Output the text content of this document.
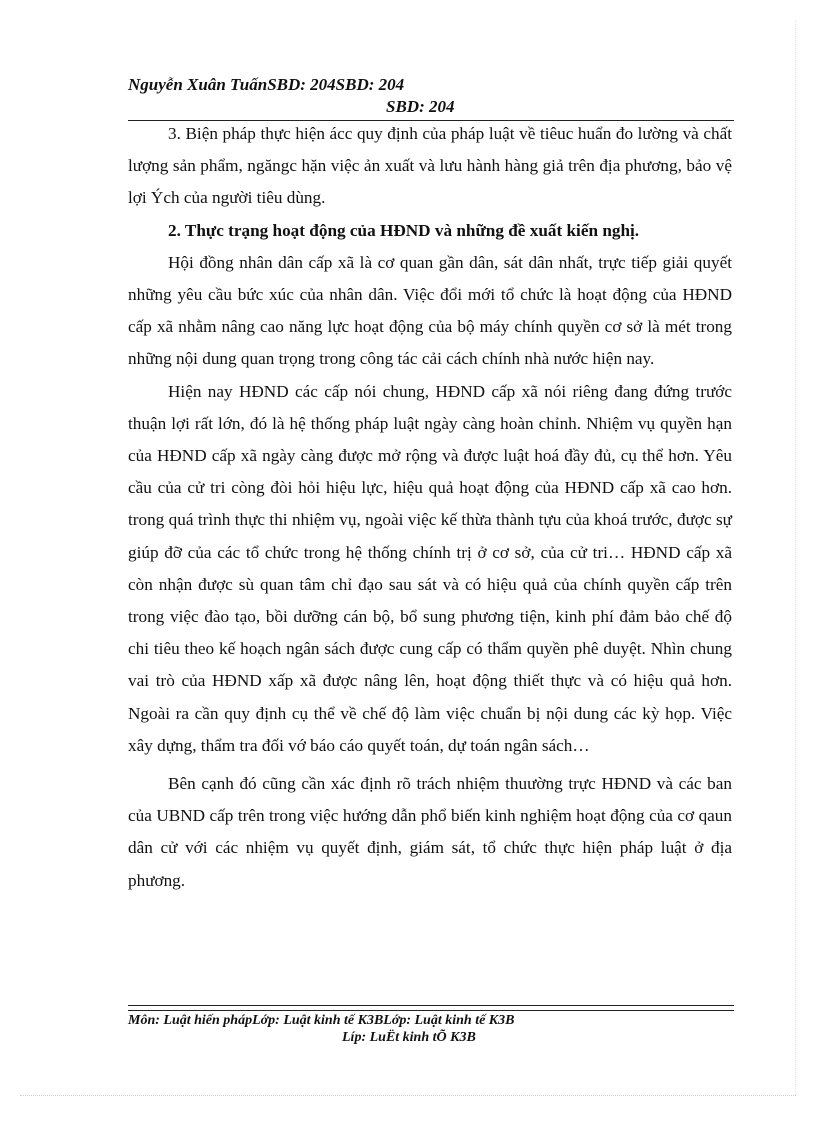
Nguyễn Xuân TuấnSBD: 204SBD: 204
SBD: 204

3. Biện pháp thực hiện ácc quy định của pháp luật về tiêuc huẩn đo lường và chất lượng sản phẩm, ngăngc hặn việc ản xuất và lưu hành hàng giả trên địa phương, bảo vệ lợi Ých của người tiêu dùng.

2. Thực trạng hoạt động của HĐND và những đề xuất kiến nghị.

Hội đồng nhân dân cấp xã là cơ quan gần dân, sát dân nhất, trực tiếp giải quyết những yêu cầu bức xúc của nhân dân. Việc đổi mới tổ chức là hoạt động của HĐND cấp xã nhằm nâng cao năng lực hoạt động của bộ máy chính quyền cơ sở là mét trong những nội dung quan trọng trong công tác cải cách chính nhà nước hiện nay.

Hiện nay HĐND các cấp nói chung, HĐND cấp xã nói riêng đang đứng trước thuận lợi rất lớn, đó là hệ thống pháp luật ngày càng hoàn chỉnh. Nhiệm vụ quyền hạn của HĐND cấp xã ngày càng được mở rộng và được luật hoá đầy đủ, cụ thể hơn. Yêu cầu của cử tri còng đòi hỏi hiệu lực, hiệu quả hoạt động của HĐND cấp xã cao hơn. trong quá trình thực thi nhiệm vụ, ngoài việc kế thừa thành tựu của khoá trước, được sự giúp đỡ của các tổ chức trong hệ thống chính trị ở cơ sở, của cử tri… HĐND cấp xã còn nhận được sù quan tâm chỉ đạo sau sát và có hiệu quả của chính quyền cấp trên trong việc đào tạo, bồi dưỡng cán bộ, bổ sung phương tiện, kinh phí đảm bảo chế độ chi tiêu theo kế hoạch ngân sách được cung cấp có thẩm quyền phê duyệt. Nhìn chung vai trò của HĐND xấp xã được nâng lên, hoạt động thiết thực và có hiệu quả hơn. Ngoài ra cần quy định cụ thể về chế độ làm việc chuẩn bị nội dung các kỳ họp. Việc xây dựng, thẩm tra đối vớ báo cáo quyết toán, dự toán ngân sách…

Bên cạnh đó cũng cần xác định rõ trách nhiệm thuường trực HĐND và các ban của UBND cấp trên trong việc hướng dẫn phổ biến kinh nghiệm hoạt động của cơ qaun dân cử với các nhiệm vụ quyết định, giám sát, tổ chức thực hiện pháp luật ở địa phương.

Môn: Luật hiến phápLớp: Luật kinh tế K3BLớp: Luật kinh tế K3B
Líp: LuËt kinh tÕ K3B
